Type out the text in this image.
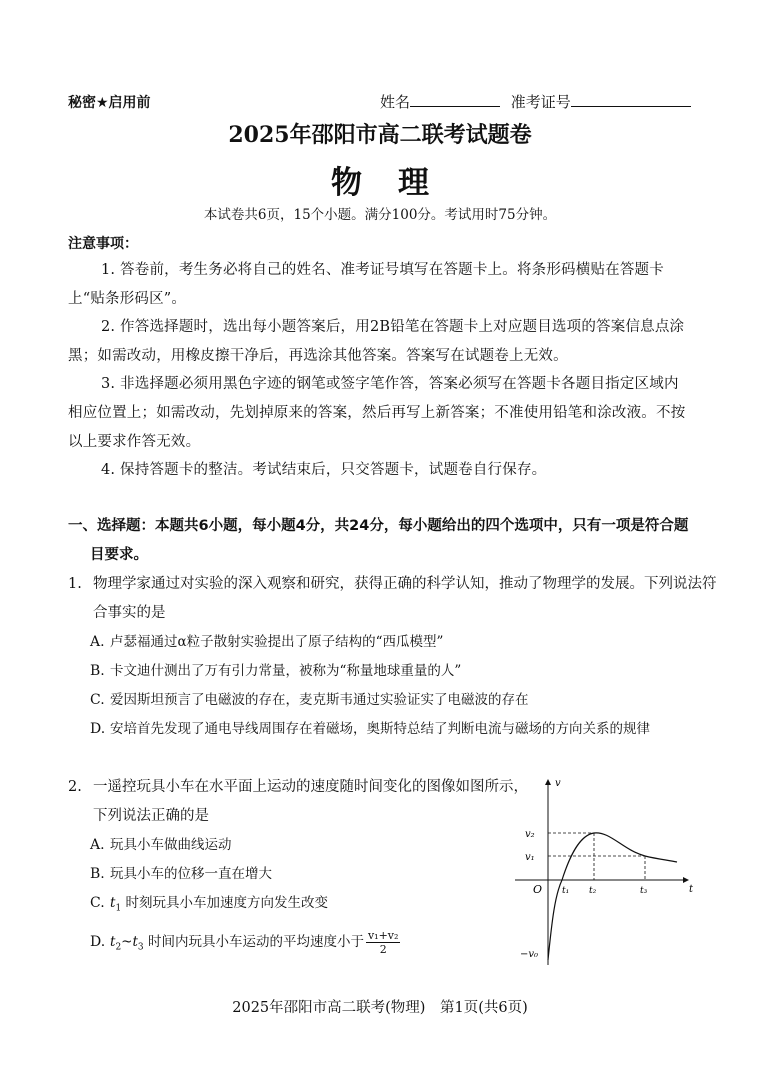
秘密★启用前	姓名	准考证号
2025年邵阳市高二联考试题卷
物理
本试卷共6页，15个小题。满分100分。考试用时75分钟。
注意事项：
1. 答卷前，考生务必将自己的姓名、准考证号填写在答题卡上。将条形码横贴在答题卡上“贴条形码区”。
2. 作答选择题时，选出每小题答案后，用2B铅笔在答题卡上对应题目选项的答案信息点涂黑；如需改动，用橡皮擦干净后，再选涂其他答案。答案写在试题卷上无效。
3. 非选择题必须用黑色字迹的钢笔或签字笔作答，答案必须写在答题卡各题目指定区域内相应位置上；如需改动，先划掉原来的答案，然后再写上新答案；不准使用铅笔和涂改液。不按以上要求作答无效。
4. 保持答题卡的整洁。考试结束后，只交答题卡，试题卷自行保存。
一、选择题：本题共6小题，每小题4分，共24分，每小题给出的四个选项中，只有一项是符合题目要求。
1. 物理学家通过对实验的深入观察和研究，获得正确的科学认知，推动了物理学的发展。下列说法符合事实的是
A. 卢瑟福通过α粒子散射实验提出了原子结构的“西瓜模型”
B. 卡文迪什测出了万有引力常量，被称为“称量地球重量的人”
C. 爱因斯坦预言了电磁波的存在，麦克斯韦通过实验证实了电磁波的存在
D. 安培首先发现了通电导线周围存在着磁场，奥斯特总结了判断电流与磁场的方向关系的规律
2. 一遥控玩具小车在水平面上运动的速度随时间变化的图像如图所示，下列说法正确的是
A. 玩具小车做曲线运动
B. 玩具小车的位移一直在增大
C. $t_1$ 时刻玩具小车加速度方向发生改变
D. $t_2\sim t_3$ 时间内玩具小车运动的平均速度小于 $\frac{\text{v₁+v₂}}{2}$
v
t
O
v₂
v₁
−v₀
t₁ t₂	t₃
2025年邵阳市高二联考(物理)　第1页(共6页)
